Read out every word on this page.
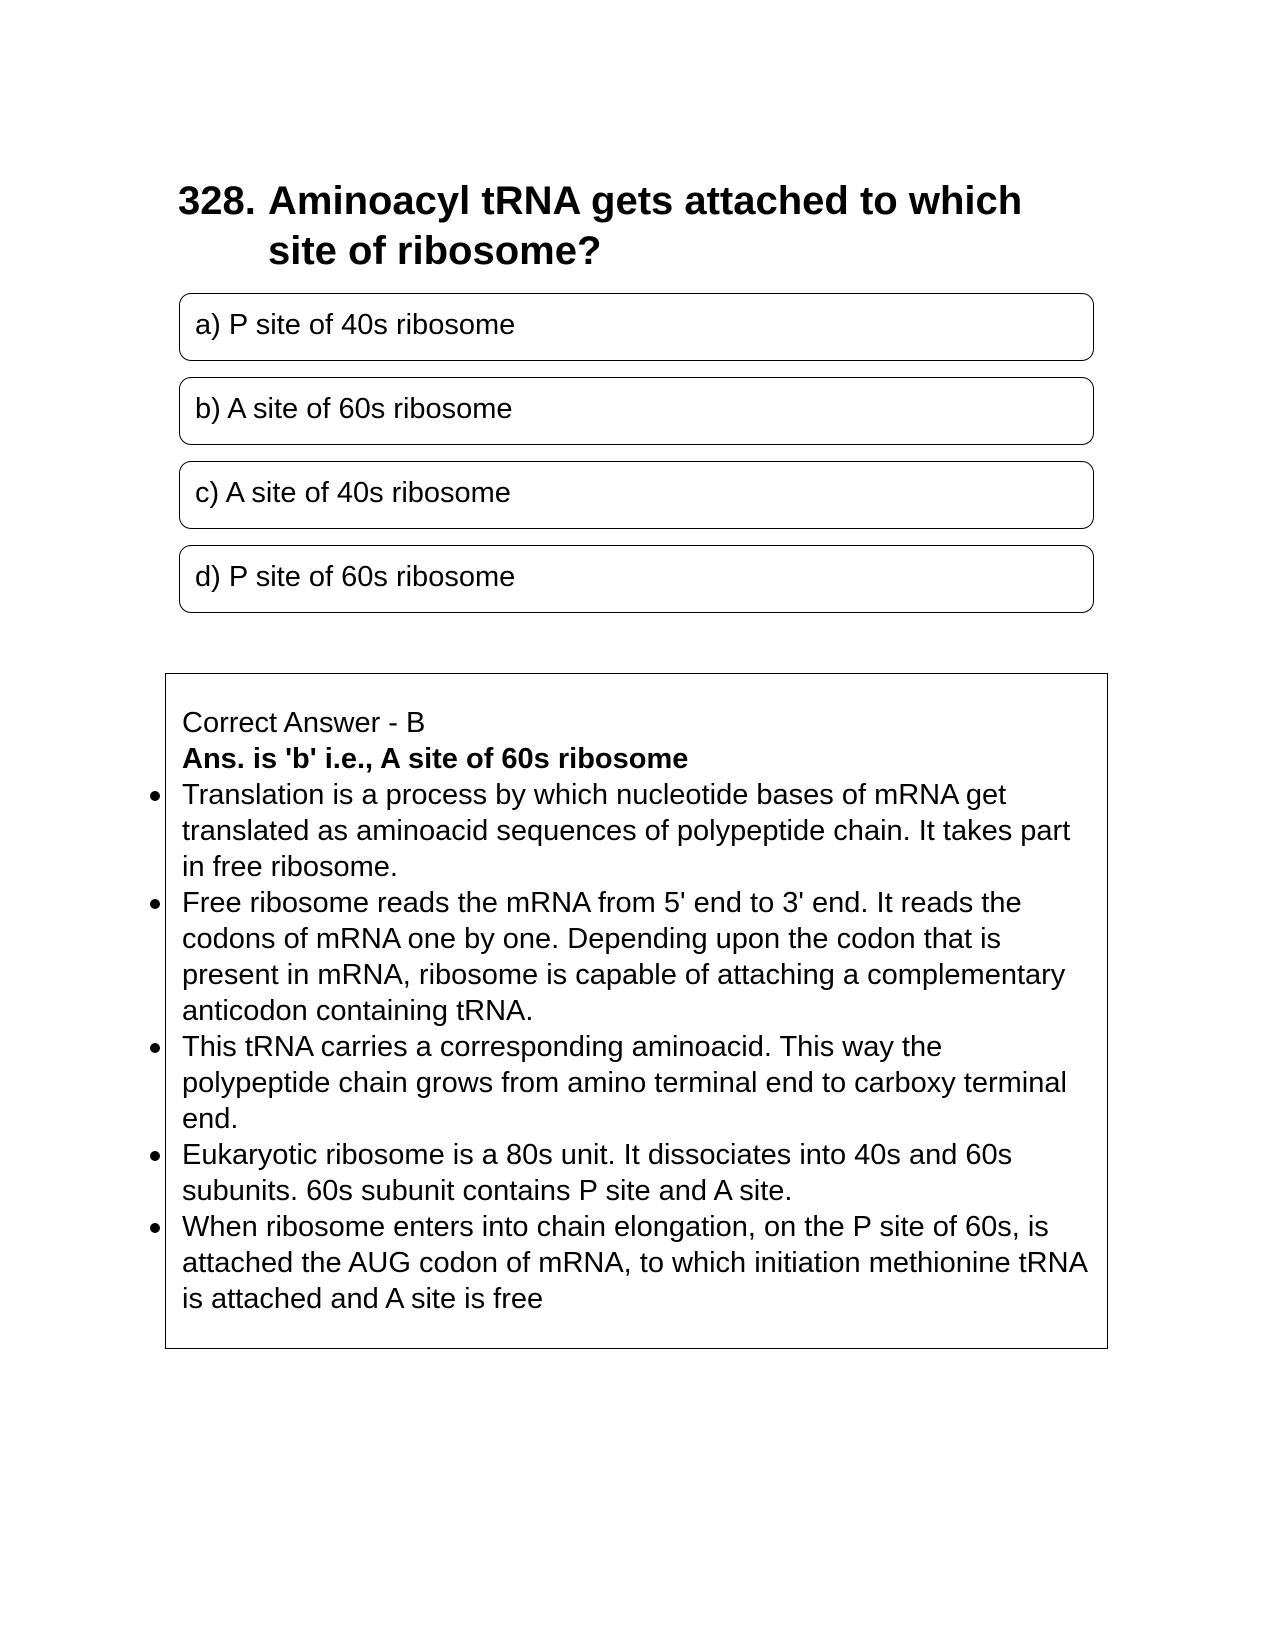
328. Aminoacyl tRNA gets attached to which site of ribosome?
a) P site of 40s ribosome
b) A site of 60s ribosome
c) A site of 40s ribosome
d) P site of 60s ribosome

Correct Answer - B

Ans. is 'b' i.e., A site of 60s ribosome

Translation is a process by which nucleotide bases of mRNA get translated as aminoacid sequences of polypeptide chain. It takes part in free ribosome.
Free ribosome reads the mRNA from 5' end to 3' end. It reads the codons of mRNA one by one. Depending upon the codon that is present in mRNA, ribosome is capable of attaching a complementary anticodon containing tRNA.
This tRNA carries a corresponding aminoacid. This way the polypeptide chain grows from amino terminal end to carboxy terminal end.
Eukaryotic ribosome is a 80s unit. It dissociates into 40s and 60s subunits. 60s subunit contains P site and A site.
When ribosome enters into chain elongation, on the P site of 60s, is attached the AUG codon of mRNA, to which initiation methionine tRNA is attached and A site is free
